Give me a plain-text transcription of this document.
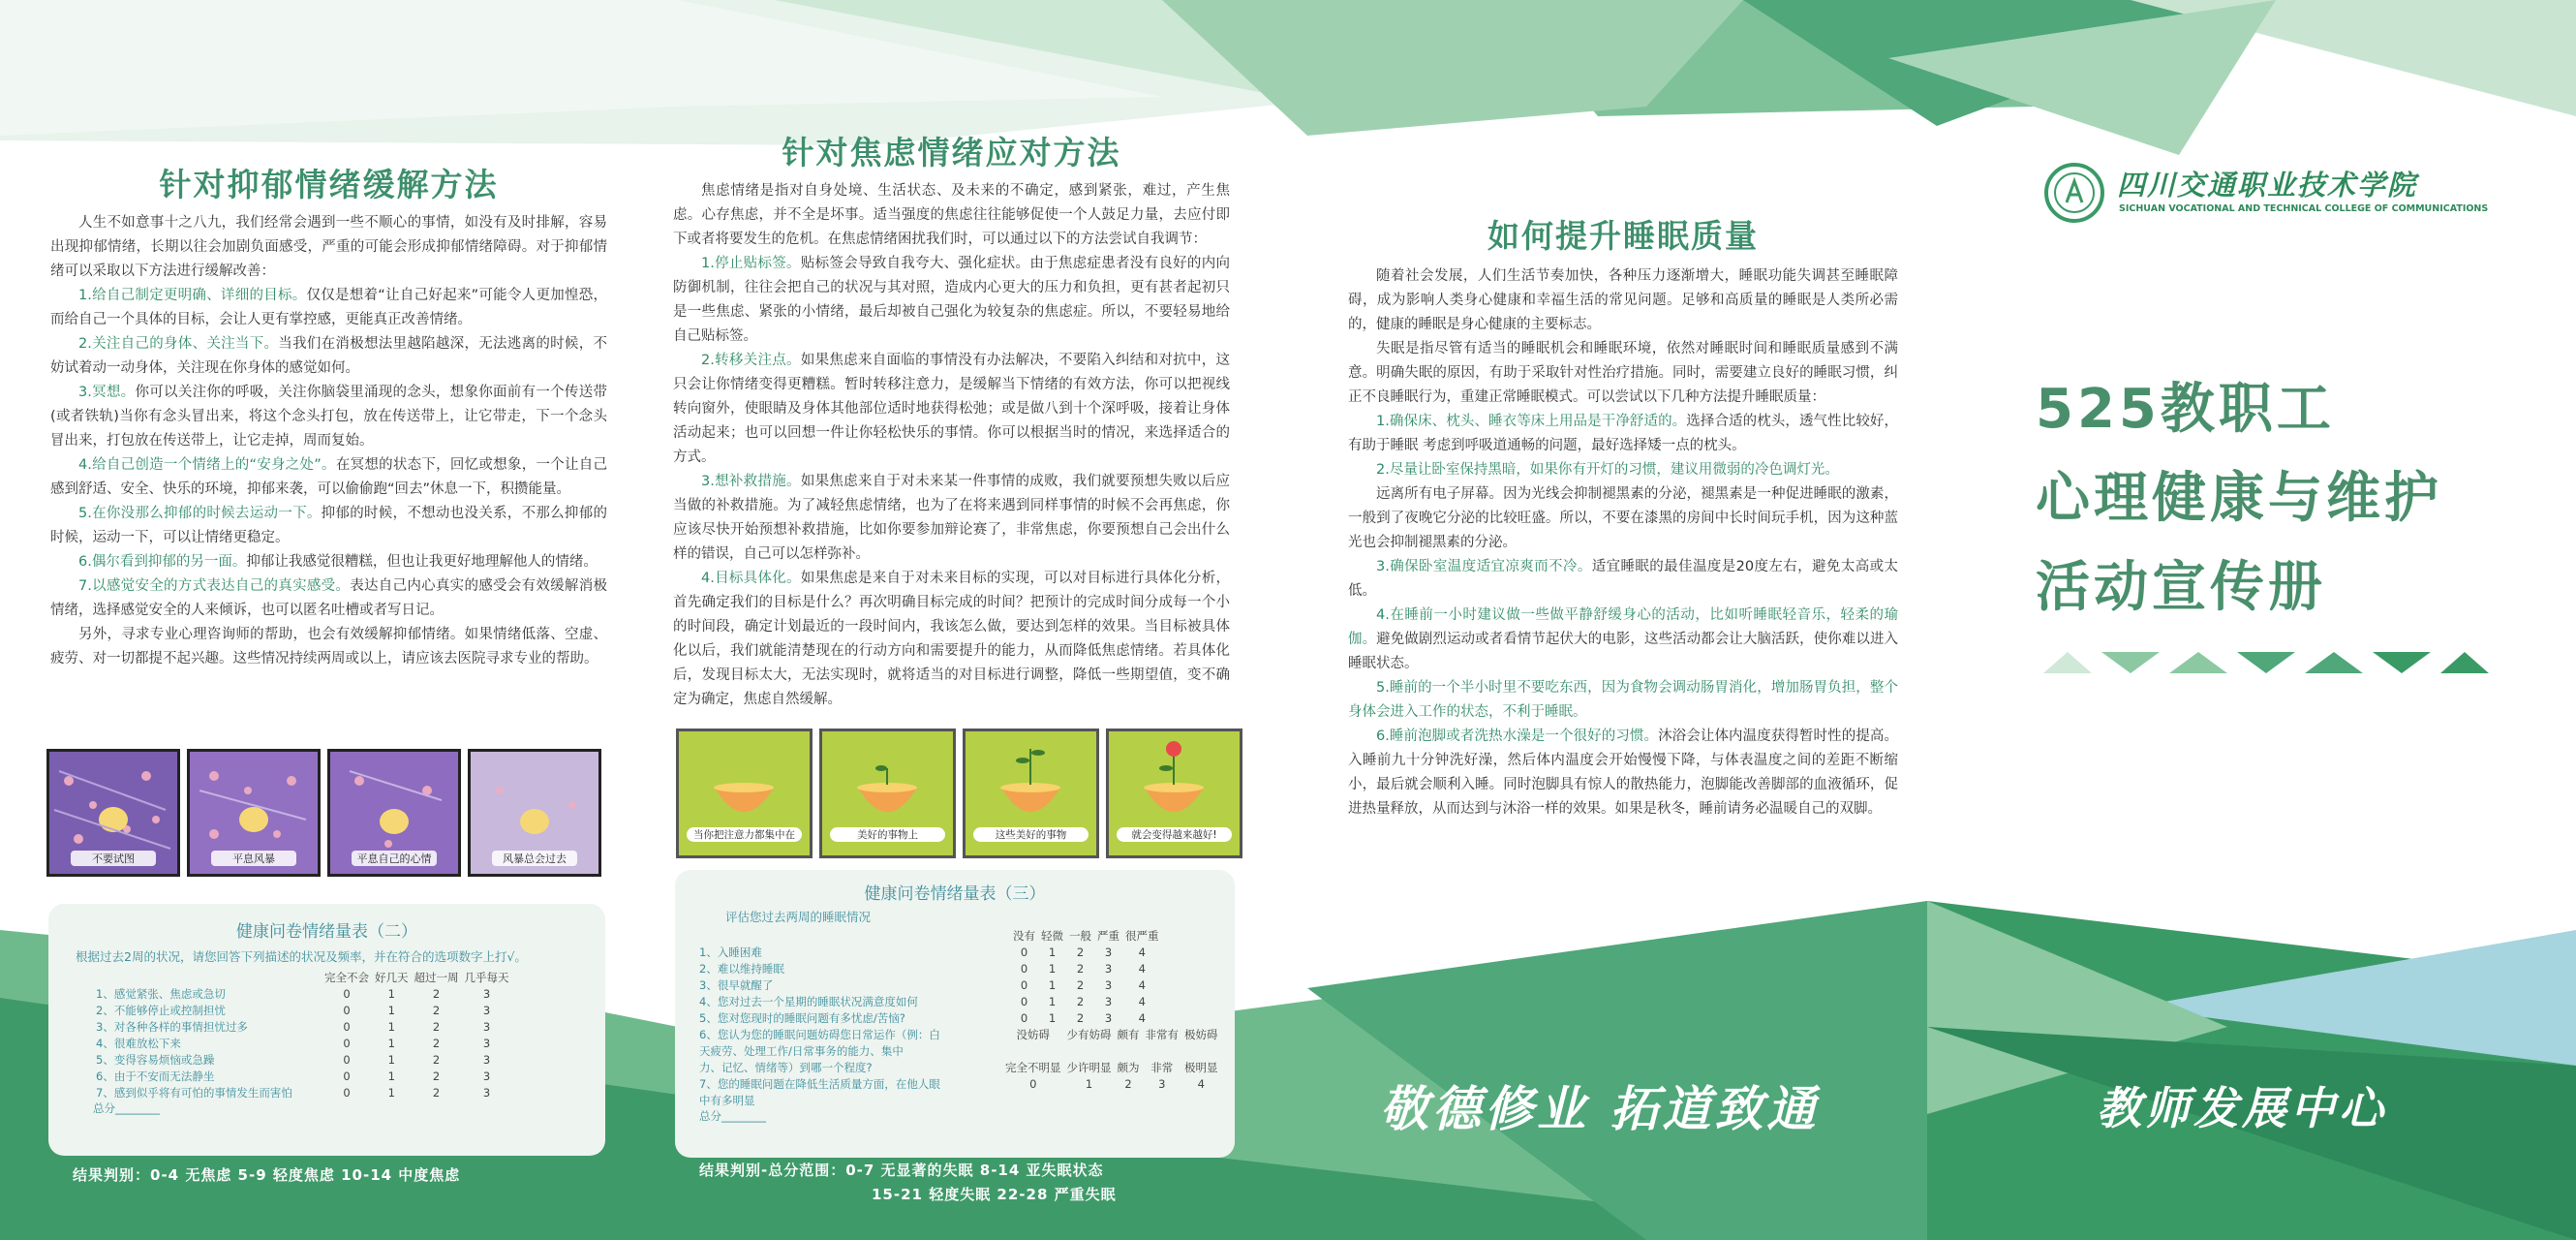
针对抑郁情绪缓解方法

人生不如意事十之八九，我们经常会遇到一些不顺心的事情，如没有及时排解，容易出现抑郁情绪，长期以往会加剧负面感受，严重的可能会形成抑郁情绪障碍。对于抑郁情绪可以采取以下方法进行缓解改善：

1.给自己制定更明确、详细的目标。仅仅是想着“让自己好起来”可能令人更加惶恐，而给自己一个具体的目标，会让人更有掌控感，更能真正改善情绪。

2.关注自己的身体、关注当下。当我们在消极想法里越陷越深，无法逃离的时候，不妨试着动一动身体，关注现在你身体的感觉如何。

3.冥想。你可以关注你的呼吸，关注你脑袋里涌现的念头，想象你面前有一个传送带(或者铁轨)当你有念头冒出来，将这个念头打包，放在传送带上，让它带走，下一个念头冒出来，打包放在传送带上，让它走掉，周而复始。

4.给自己创造一个情绪上的“安身之处”。在冥想的状态下，回忆或想象，一个让自己感到舒适、安全、快乐的环境，抑郁来袭，可以偷偷跑“回去”休息一下，积攒能量。

5.在你没那么抑郁的时候去运动一下。抑郁的时候，不想动也没关系，不那么抑郁的时候，运动一下，可以让情绪更稳定。

6.偶尔看到抑郁的另一面。抑郁让我感觉很糟糕，但也让我更好地理解他人的情绪。

7.以感觉安全的方式表达自己的真实感受。表达自己内心真实的感受会有效缓解消极情绪，选择感觉安全的人来倾诉，也可以匿名吐槽或者写日记。

另外，寻求专业心理咨询师的帮助，也会有效缓解抑郁情绪。如果情绪低落、空虚、疲劳、对一切都提不起兴趣。这些情况持续两周或以上，请应该去医院寻求专业的帮助。

不要试图	平息风暴	平息自己的心情	风暴总会过去
健康问卷情绪量表（二）
根据过去2周的状况，请您回答下列描述的状况及频率，并在符合的选项数字上打√。
	完全不会	好几天	超过一周	几乎每天
1、感觉紧张、焦虑或急切	0	1	2	3
2、不能够停止或控制担忧	0	1	2	3
3、对各种各样的事情担忧过多	0	1	2	3
4、很难放松下来	0	1	2	3
5、变得容易烦恼或急躁	0	1	2	3
6、由于不安而无法静坐	0	1	2	3
7、感到似乎将有可怕的事情发生而害怕	0	1	2	3
总分________
结果判别：0-4 无焦虑 5-9 轻度焦虑 10-14 中度焦虑
针对焦虑情绪应对方法

焦虑情绪是指对自身处境、生活状态、及未来的不确定，感到紧张，难过，产生焦虑。心存焦虑，并不全是坏事。适当强度的焦虑往往能够促使一个人鼓足力量，去应付即下或者将要发生的危机。在焦虑情绪困扰我们时，可以通过以下的方法尝试自我调节：

1.停止贴标签。贴标签会导致自我夸大、强化症状。由于焦虑症患者没有良好的内向防御机制，往往会把自己的状况与其对照，造成内心更大的压力和负担，更有甚者起初只是一些焦虑、紧张的小情绪，最后却被自己强化为较复杂的焦虑症。所以，不要轻易地给自己贴标签。

2.转移关注点。如果焦虑来自面临的事情没有办法解决，不要陷入纠结和对抗中，这只会让你情绪变得更糟糕。暂时转移注意力，是缓解当下情绪的有效方法，你可以把视线转向窗外，使眼睛及身体其他部位适时地获得松弛；或是做八到十个深呼吸，接着让身体活动起来；也可以回想一件让你轻松快乐的事情。你可以根据当时的情况，来选择适合的方式。

3.想补救措施。如果焦虑来自于对未来某一件事情的成败，我们就要预想失败以后应当做的补救措施。为了减轻焦虑情绪，也为了在将来遇到同样事情的时候不会再焦虑，你应该尽快开始预想补救措施，比如你要参加辩论赛了，非常焦虑，你要预想自己会出什么样的错误，自己可以怎样弥补。

4.目标具体化。如果焦虑是来自于对未来目标的实现，可以对目标进行具体化分析，首先确定我们的目标是什么？再次明确目标完成的时间？把预计的完成时间分成每一个小的时间段，确定计划最近的一段时间内，我该怎么做，要达到怎样的效果。当目标被具体化以后，我们就能清楚现在的行动方向和需要提升的能力，从而降低焦虑情绪。若具体化后，发现目标太大，无法实现时，就将适当的对目标进行调整，降低一些期望值，变不确定为确定，焦虑自然缓解。

当你把注意力都集中在	美好的事物上	这些美好的事物	就会变得越来越好!
健康问卷情绪量表（三）
评估您过去两周的睡眠情况
	没有	轻微	一般	严重	很严重
1、入睡困难	0	1	2	3	4
2、难以维持睡眠	0	1	2	3	4
3、很早就醒了	0	1	2	3	4
4、您对过去一个星期的睡眠状况满意度如何	0	1	2	3	4
5、您对您现时的睡眠问题有多忧虑/苦恼?	0	1	2	3	4
6、您认为您的睡眠问题妨碍您日常运作（例：白	没妨碍	少有妨碍	颇有	非常有	极妨碍
天疲劳、处理工作/日常事务的能力、集中					
力、记忆、情绪等）到哪一个程度?	完全不明显	少许明显	颇为	非常	极明显
7、您的睡眠问题在降低生活质量方面，在他人眼	0	1	2	3	4
中有多明显					
总分________
结果判别-总分范围：0-7 无显著的失眠 8-14 亚失眠状态
15-21 轻度失眠 22-28 严重失眠
如何提升睡眠质量

随着社会发展，人们生活节奏加快，各种压力逐渐增大，睡眠功能失调甚至睡眠障碍，成为影响人类身心健康和幸福生活的常见问题。足够和高质量的睡眠是人类所必需的，健康的睡眠是身心健康的主要标志。

失眠是指尽管有适当的睡眠机会和睡眠环境，依然对睡眠时间和睡眠质量感到不满意。明确失眠的原因，有助于采取针对性治疗措施。同时，需要建立良好的睡眠习惯，纠正不良睡眠行为，重建正常睡眠模式。可以尝试以下几种方法提升睡眠质量：

1.确保床、枕头、睡衣等床上用品是干净舒适的。选择合适的枕头，透气性比较好，有助于睡眠 考虑到呼吸道通畅的问题，最好选择矮一点的枕头。

2.尽量让卧室保持黑暗，如果你有开灯的习惯，建议用微弱的冷色调灯光。

远离所有电子屏幕。因为光线会抑制褪黑素的分泌，褪黑素是一种促进睡眠的激素，一般到了夜晚它分泌的比较旺盛。所以，不要在漆黑的房间中长时间玩手机，因为这种蓝光也会抑制褪黑素的分泌。

3.确保卧室温度适宜凉爽而不冷。适宜睡眠的最佳温度是20度左右，避免太高或太低。

4.在睡前一小时建议做一些做平静舒缓身心的活动，比如听睡眠轻音乐，轻柔的瑜伽。避免做剧烈运动或者看情节起伏大的电影，这些活动都会让大脑活跃，使你难以进入睡眠状态。

5.睡前的一个半小时里不要吃东西，因为食物会调动肠胃消化，增加肠胃负担，整个身体会进入工作的状态，不利于睡眠。

6.睡前泡脚或者洗热水澡是一个很好的习惯。沐浴会让体内温度获得暂时性的提高。入睡前九十分钟洗好澡，然后体内温度会开始慢慢下降，与体表温度之间的差距不断缩小，最后就会顺利入睡。同时泡脚具有惊人的散热能力，泡脚能改善脚部的血液循环，促进热量释放，从而达到与沐浴一样的效果。如果是秋冬，睡前请务必温暖自己的双脚。

四川交通职业技术学院
SICHUAN VOCATIONAL AND TECHNICAL COLLEGE OF COMMUNICATIONS
525教职工
心理健康与维护
活动宣传册
敬德修业 拓道致通	教师发展中心
